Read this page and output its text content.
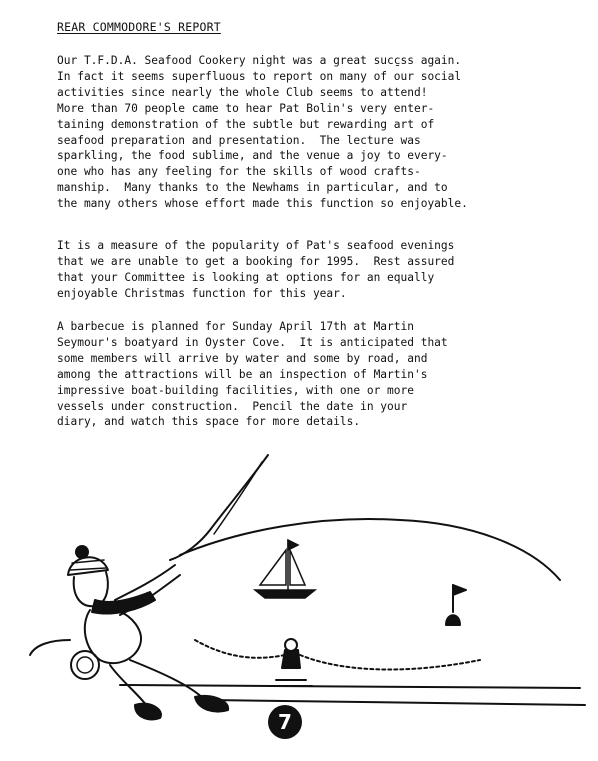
REAR COMMODORE'S REPORT
Our T.F.D.A. Seafood Cookery night was a great succ̱ss again.
In fact it seems superfluous to report on many of our social
activities since nearly the whole Club seems to attend!
More than 70 people came to hear Pat Bolin's very enter-
taining demonstration of the subtle but rewarding art of
seafood preparation and presentation.  The lecture was
sparkling, the food sublime, and the venue a joy to every-
one who has any feeling for the skills of wood crafts-
manship.  Many thanks to the Newhams in particular, and to
the many others whose effort made this function so enjoyable.
It is a measure of the popularity of Pat's seafood evenings
that we are unable to get a booking for 1995.  Rest assured
that your Committee is looking at options for an equally
enjoyable Christmas function for this year.
A barbecue is planned for Sunday April 17th at Martin
Seymour's boatyard in Oyster Cove.  It is anticipated that
some members will arrive by water and some by road, and
among the attractions will be an inspection of Martin's
impressive boat-building facilities, with one or more
vessels under construction.  Pencil the date in your
diary, and watch this space for more details.
7
